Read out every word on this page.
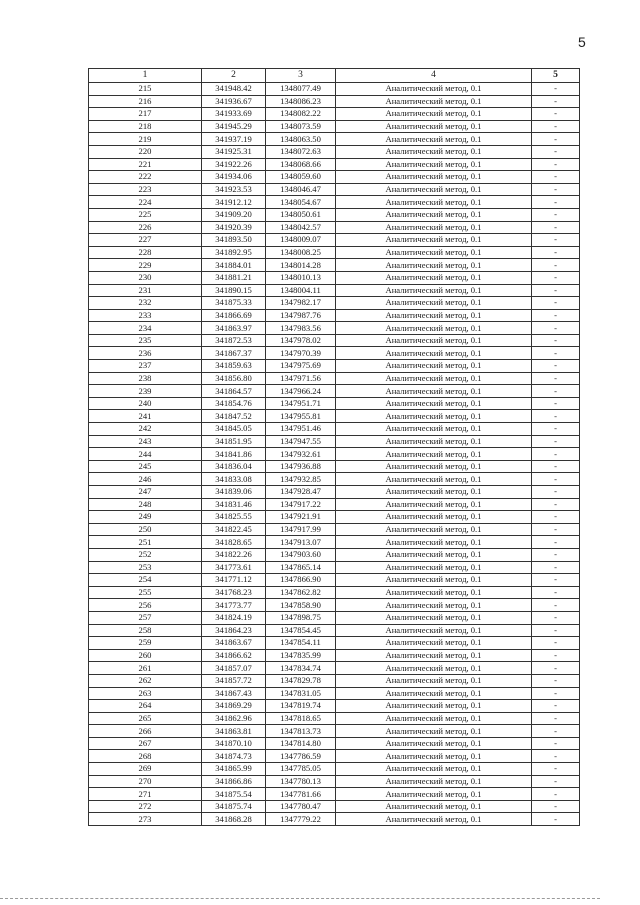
5
1	2	3	4	5
215	341948.42	1348077.49	Аналитический метод, 0.1	-
216	341936.67	1348086.23	Аналитический метод, 0.1	-
217	341933.69	1348082.22	Аналитический метод, 0.1	-
218	341945.29	1348073.59	Аналитический метод, 0.1	-
219	341937.19	1348063.50	Аналитический метод, 0.1	-
220	341925.31	1348072.63	Аналитический метод, 0.1	-
221	341922.26	1348068.66	Аналитический метод, 0.1	-
222	341934.06	1348059.60	Аналитический метод, 0.1	-
223	341923.53	1348046.47	Аналитический метод, 0.1	-
224	341912.12	1348054.67	Аналитический метод, 0.1	-
225	341909.20	1348050.61	Аналитический метод, 0.1	-
226	341920.39	1348042.57	Аналитический метод, 0.1	-
227	341893.50	1348009.07	Аналитический метод, 0.1	-
228	341892.95	1348008.25	Аналитический метод, 0.1	-
229	341884.01	1348014.28	Аналитический метод, 0.1	-
230	341881.21	1348010.13	Аналитический метод, 0.1	-
231	341890.15	1348004.11	Аналитический метод, 0.1	-
232	341875.33	1347982.17	Аналитический метод, 0.1	-
233	341866.69	1347987.76	Аналитический метод, 0.1	-
234	341863.97	1347983.56	Аналитический метод, 0.1	-
235	341872.53	1347978.02	Аналитический метод, 0.1	-
236	341867.37	1347970.39	Аналитический метод, 0.1	-
237	341859.63	1347975.69	Аналитический метод, 0.1	-
238	341856.80	1347971.56	Аналитический метод, 0.1	-
239	341864.57	1347966.24	Аналитический метод, 0.1	-
240	341854.76	1347951.71	Аналитический метод, 0.1	-
241	341847.52	1347955.81	Аналитический метод, 0.1	-
242	341845.05	1347951.46	Аналитический метод, 0.1	-
243	341851.95	1347947.55	Аналитический метод, 0.1	-
244	341841.86	1347932.61	Аналитический метод, 0.1	-
245	341836.04	1347936.88	Аналитический метод, 0.1	-
246	341833.08	1347932.85	Аналитический метод, 0.1	-
247	341839.06	1347928.47	Аналитический метод, 0.1	-
248	341831.46	1347917.22	Аналитический метод, 0.1	-
249	341825.55	1347921.91	Аналитический метод, 0.1	-
250	341822.45	1347917.99	Аналитический метод, 0.1	-
251	341828.65	1347913.07	Аналитический метод, 0.1	-
252	341822.26	1347903.60	Аналитический метод, 0.1	-
253	341773.61	1347865.14	Аналитический метод, 0.1	-
254	341771.12	1347866.90	Аналитический метод, 0.1	-
255	341768.23	1347862.82	Аналитический метод, 0.1	-
256	341773.77	1347858.90	Аналитический метод, 0.1	-
257	341824.19	1347898.75	Аналитический метод, 0.1	-
258	341864.23	1347854.45	Аналитический метод, 0.1	-
259	341863.67	1347854.11	Аналитический метод, 0.1	-
260	341866.62	1347835.99	Аналитический метод, 0.1	-
261	341857.07	1347834.74	Аналитический метод, 0.1	-
262	341857.72	1347829.78	Аналитический метод, 0.1	-
263	341867.43	1347831.05	Аналитический метод, 0.1	-
264	341869.29	1347819.74	Аналитический метод, 0.1	-
265	341862.96	1347818.65	Аналитический метод, 0.1	-
266	341863.81	1347813.73	Аналитический метод, 0.1	-
267	341870.10	1347814.80	Аналитический метод, 0.1	-
268	341874.73	1347786.59	Аналитический метод, 0.1	-
269	341865.99	1347785.05	Аналитический метод, 0.1	-
270	341866.86	1347780.13	Аналитический метод, 0.1	-
271	341875.54	1347781.66	Аналитический метод, 0.1	-
272	341875.74	1347780.47	Аналитический метод, 0.1	-
273	341868.28	1347779.22	Аналитический метод, 0.1	-
